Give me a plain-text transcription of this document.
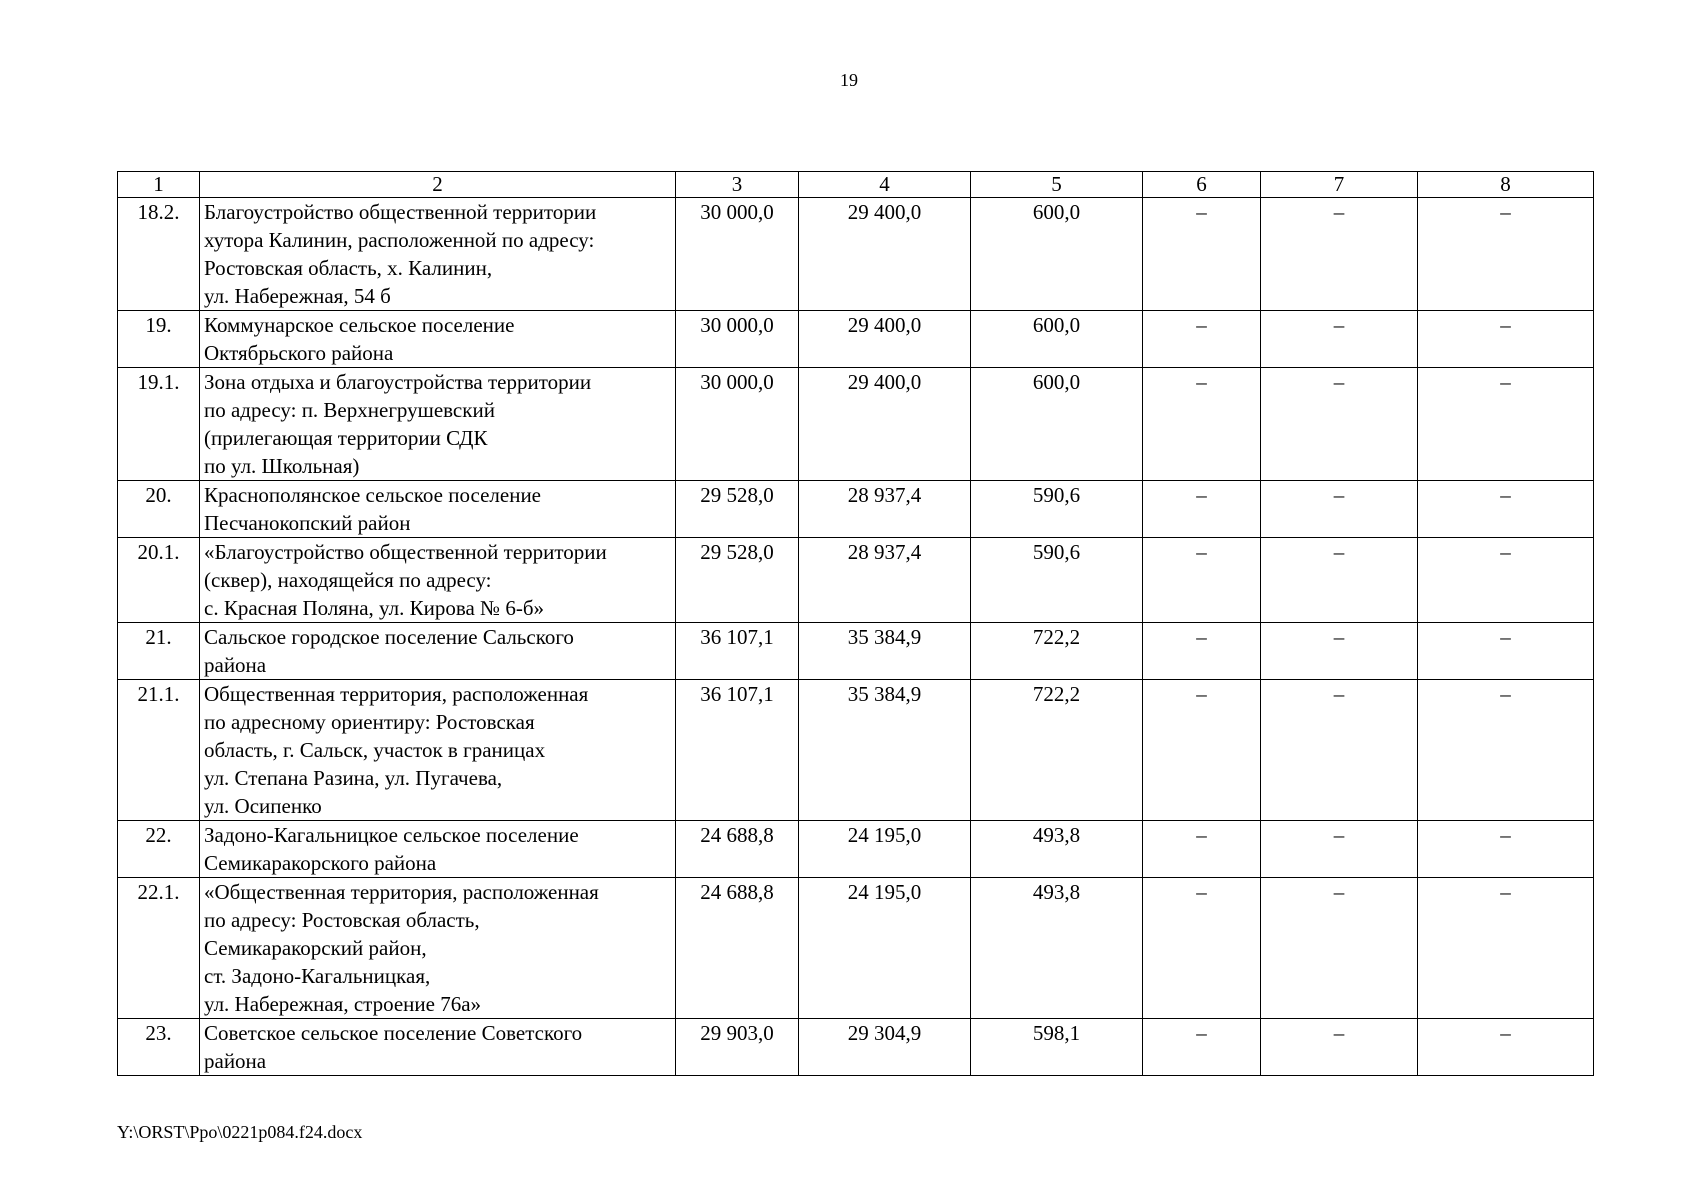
19
1	2	3	4	5	6	7	8
18.2.	Благоустройство общественной территории
хутора Калинин, расположенной по адресу:
Ростовская область, х. Калинин,
ул. Набережная, 54 б	30 000,0	29 400,0	600,0	–	–	–
19.	Коммунарское сельское поселение
Октябрьского района	30 000,0	29 400,0	600,0	–	–	–
19.1.	Зона отдыха и благоустройства территории
по адресу: п. Верхнегрушевский
(прилегающая территории СДК
по ул. Школьная)	30 000,0	29 400,0	600,0	–	–	–
20.	Краснополянское сельское поселение
Песчанокопский район	29 528,0	28 937,4	590,6	–	–	–
20.1.	«Благоустройство общественной территории
(сквер), находящейся по адресу:
с. Красная Поляна, ул. Кирова № 6-б»	29 528,0	28 937,4	590,6	–	–	–
21.	Сальское городское поселение Сальского
района	36 107,1	35 384,9	722,2	–	–	–
21.1.	Общественная территория, расположенная
по адресному ориентиру: Ростовская
область, г. Сальск, участок в границах
ул. Степана Разина, ул. Пугачева,
ул. Осипенко	36 107,1	35 384,9	722,2	–	–	–
22.	Задоно-Кагальницкое сельское поселение
Семикаракорского района	24 688,8	24 195,0	493,8	–	–	–
22.1.	«Общественная территория, расположенная
по адресу: Ростовская область,
Семикаракорский район,
ст. Задоно-Кагальницкая,
ул. Набережная, строение 76а»	24 688,8	24 195,0	493,8	–	–	–
23.	Советское сельское поселение Советского
района	29 903,0	29 304,9	598,1	–	–	–
Y:\ORST\Ppo\0221p084.f24.docx
